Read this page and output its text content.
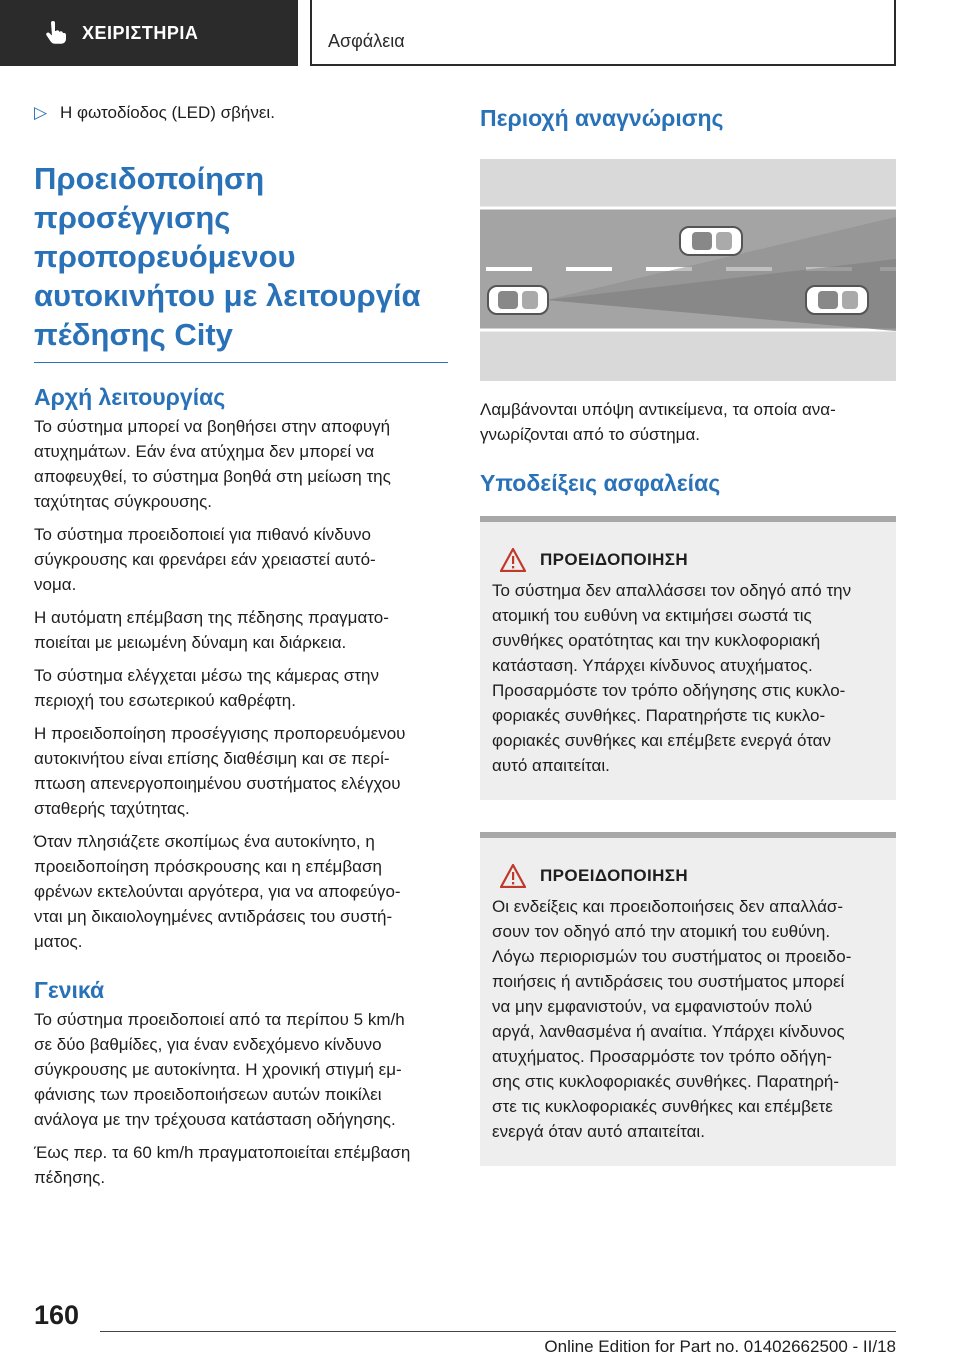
ΧΕΙΡΙΣΤΗΡΙΑ	Ασφάλεια
▷ Η φωτοδίοδος (LED) σβήνει.
Προειδοποίηση
προσέγγισης
προπορευόμενου
αυτοκινήτου με λειτουργία
πέδησης City
Αρχή λειτουργίας
Το σύστημα μπορεί να βοηθήσει στην αποφυγή
ατυχημάτων. Εάν ένα ατύχημα δεν μπορεί να
αποφευχθεί, το σύστημα βοηθά στη μείωση της
ταχύτητας σύγκρουσης.
Το σύστημα προειδοποιεί για πιθανό κίνδυνο
σύγκρουσης και φρενάρει εάν χρειαστεί αυτό-
νομα.
Η αυτόματη επέμβαση της πέδησης πραγματο-
ποιείται με μειωμένη δύναμη και διάρκεια.
Το σύστημα ελέγχεται μέσω της κάμερας στην
περιοχή του εσωτερικού καθρέφτη.
Η προειδοποίηση προσέγγισης προπορευόμενου
αυτοκινήτου είναι επίσης διαθέσιμη και σε περί-
πτωση απενεργοποιημένου συστήματος ελέγχου
σταθερής ταχύτητας.
Όταν πλησιάζετε σκοπίμως ένα αυτοκίνητο, η
προειδοποίηση πρόσκρουσης και η επέμβαση
φρένων εκτελούνται αργότερα, για να αποφεύγο-
νται μη δικαιολογημένες αντιδράσεις του συστή-
ματος.
Γενικά
Το σύστημα προειδοποιεί από τα περίπου 5 km/h
σε δύο βαθμίδες, για έναν ενδεχόμενο κίνδυνο
σύγκρουσης με αυτοκίνητα. Η χρονική στιγμή εμ-
φάνισης των προειδοποιήσεων αυτών ποικίλει
ανάλογα με την τρέχουσα κατάσταση οδήγησης.
Έως περ. τα 60 km/h πραγματοποιείται επέμβαση
πέδησης.
Περιοχή αναγνώρισης
Λαμβάνονται υπόψη αντικείμενα, τα οποία ανα-
γνωρίζονται από το σύστημα.
Υποδείξεις ασφαλείας
ΠΡΟΕΙΔΟΠΟΙΗΣΗ
Το σύστημα δεν απαλλάσσει τον οδηγό από την
ατομική του ευθύνη να εκτιμήσει σωστά τις
συνθήκες ορατότητας και την κυκλοφοριακή
κατάσταση. Υπάρχει κίνδυνος ατυχήματος.
Προσαρμόστε τον τρόπο οδήγησης στις κυκλο-
φοριακές συνθήκες. Παρατηρήστε τις κυκλο-
φοριακές συνθήκες και επέμβετε ενεργά όταν
αυτό απαιτείται.
ΠΡΟΕΙΔΟΠΟΙΗΣΗ
Οι ενδείξεις και προειδοποιήσεις δεν απαλλάσ-
σουν τον οδηγό από την ατομική του ευθύνη.
Λόγω περιορισμών του συστήματος οι προειδο-
ποιήσεις ή αντιδράσεις του συστήματος μπορεί
να μην εμφανιστούν, να εμφανιστούν πολύ
αργά, λανθασμένα ή αναίτια. Υπάρχει κίνδυνος
ατυχήματος. Προσαρμόστε τον τρόπο οδήγη-
σης στις κυκλοφοριακές συνθήκες. Παρατηρή-
στε τις κυκλοφοριακές συνθήκες και επέμβετε
ενεργά όταν αυτό απαιτείται.
160
Online Edition for Part no. 01402662500 - II/18
